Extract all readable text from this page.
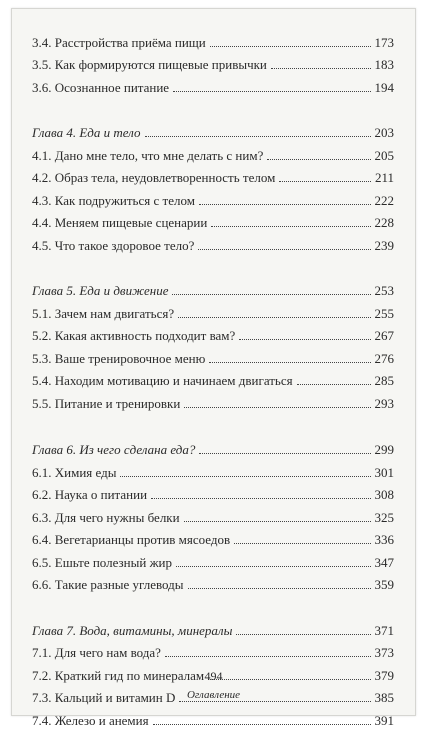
3.4. Расстройства приёма пищи	173
3.5. Как формируются пищевые привычки	183
3.6. Осознанное питание	194
Глава 4. Еда и тело	203
4.1. Дано мне тело, что мне делать с ним?	205
4.2. Образ тела, неудовлетворенность телом	211
4.3. Как подружиться с телом	222
4.4. Меняем пищевые сценарии	228
4.5. Что такое здоровое тело?	239
Глава 5. Еда и движение	253
5.1. Зачем нам двигаться?	255
5.2. Какая активность подходит вам?	267
5.3. Ваше тренировочное меню	276
5.4. Находим мотивацию и начинаем двигаться	285
5.5. Питание и тренировки	293
Глава 6. Из чего сделана еда?	299
6.1. Химия еды	301
6.2. Наука о питании	308
6.3. Для чего нужны белки	325
6.4. Вегетарианцы против мясоедов	336
6.5. Ешьте полезный жир	347
6.6. Такие разные углеводы	359
Глава 7. Вода, витамины, минералы	371
7.1. Для чего нам вода?	373
7.2. Краткий гид по минералам	379
7.3. Кальций и витамин D	385
7.4. Железо и анемия	391
494
Оглавление
